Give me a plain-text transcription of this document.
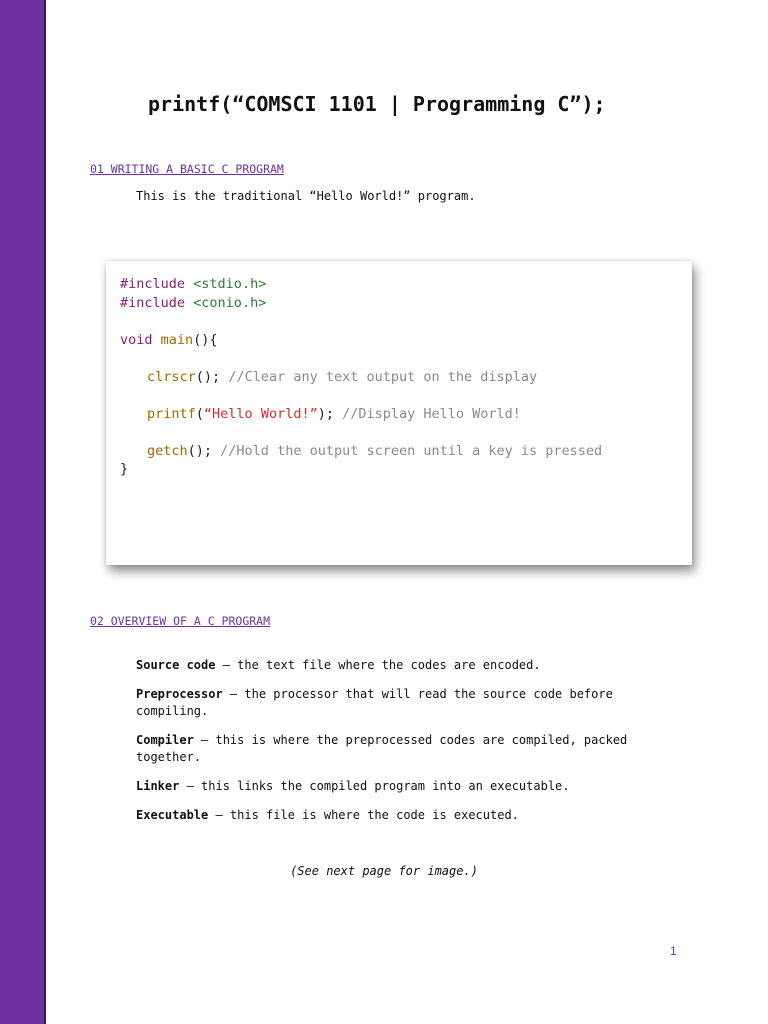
printf(“COMSCI 1101 | Programming C”);
01 WRITING A BASIC C PROGRAM
This is the traditional “Hello World!” program.
#include <stdio.h>
#include <conio.h>
void main(){
clrscr(); //Clear any text output on the display
printf(“Hello World!”); //Display Hello World!
getch(); //Hold the output screen until a key is pressed
}
02 OVERVIEW OF A C PROGRAM
Source code – the text file where the codes are encoded.
Preprocessor – the processor that will read the source code before compiling.
Compiler – this is where the preprocessed codes are compiled, packed together.
Linker – this links the compiled program into an executable.
Executable – this file is where the code is executed.
(See next page for image.)
1
